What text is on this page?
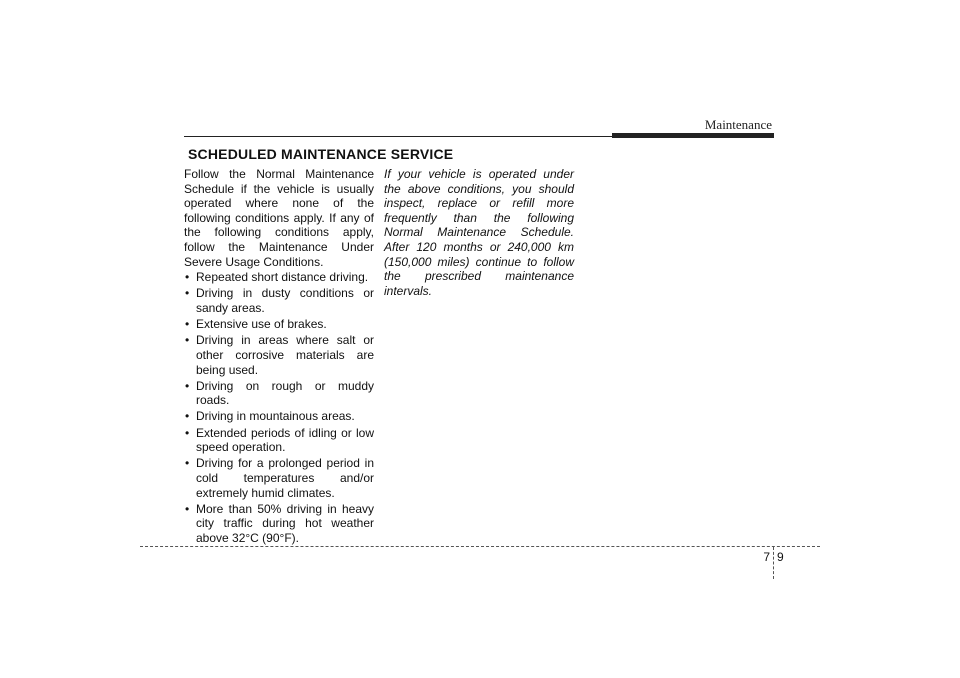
Maintenance
SCHEDULED MAINTENANCE SERVICE

Follow the Normal Maintenance Schedule if the vehicle is usually operated where none of the following conditions apply. If any of the following conditions apply, follow the Maintenance Under Severe Usage Conditions.

• Repeated short distance driving.
• Driving in dusty conditions or sandy areas.
• Extensive use of brakes.
• Driving in areas where salt or other corrosive materials are being used.
• Driving on rough or muddy roads.
• Driving in mountainous areas.
• Extended periods of idling or low speed operation.
• Driving for a prolonged period in cold temperatures and/or extremely humid climates.
• More than 50% driving in heavy city traffic during hot weather above 32°C (90°F).

If your vehicle is operated under the above conditions, you should inspect, replace or refill more frequently than the following Normal Maintenance Schedule. After 120 months or 240,000 km (150,000 miles) continue to follow the prescribed maintenance intervals.

7 9
